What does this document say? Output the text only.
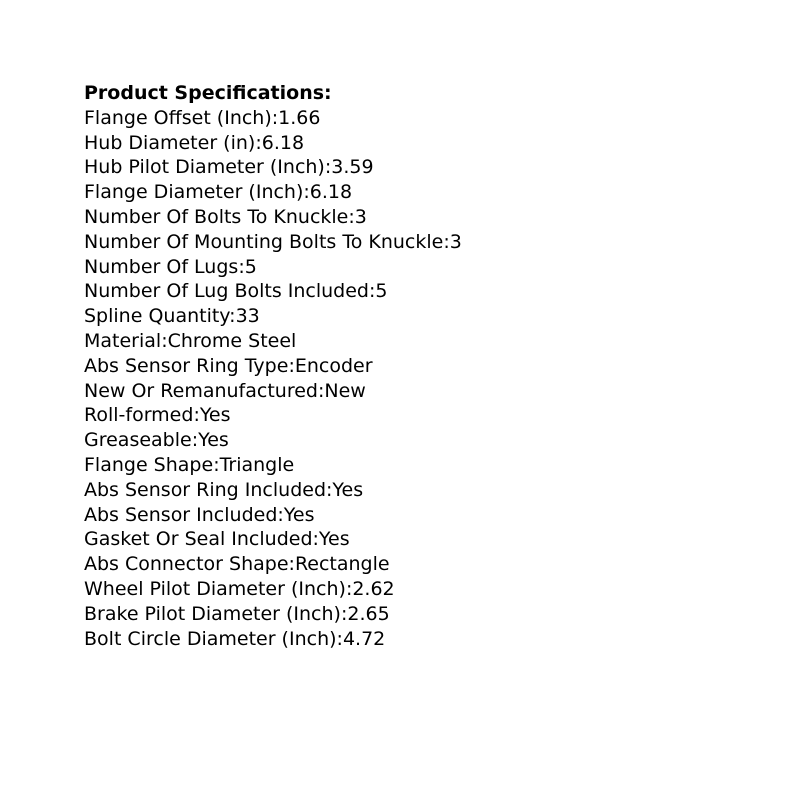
Product Specifications:
Flange Offset (Inch):1.66
Hub Diameter (in):6.18
Hub Pilot Diameter (Inch):3.59
Flange Diameter (Inch):6.18
Number Of Bolts To Knuckle:3
Number Of Mounting Bolts To Knuckle:3
Number Of Lugs:5
Number Of Lug Bolts Included:5
Spline Quantity:33
Material:Chrome Steel
Abs Sensor Ring Type:Encoder
New Or Remanufactured:New
Roll-formed:Yes
Greaseable:Yes
Flange Shape:Triangle
Abs Sensor Ring Included:Yes
Abs Sensor Included:Yes
Gasket Or Seal Included:Yes
Abs Connector Shape:Rectangle
Wheel Pilot Diameter (Inch):2.62
Brake Pilot Diameter (Inch):2.65
Bolt Circle Diameter (Inch):4.72
